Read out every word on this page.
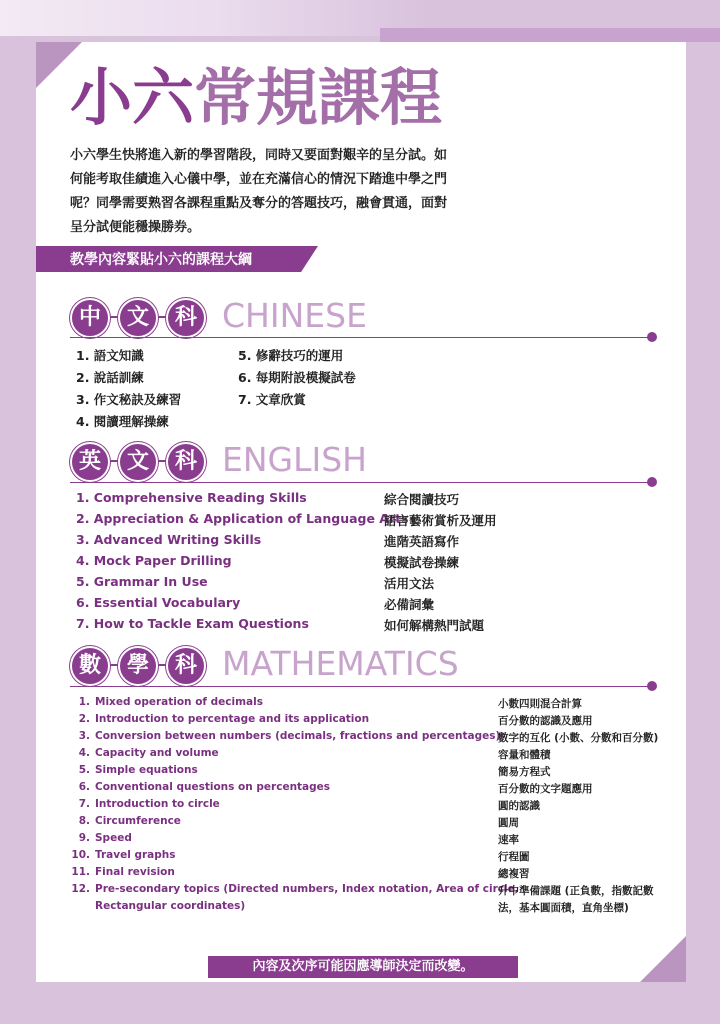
小六常規課程
小六學生快將進入新的學習階段，同時又要面對艱辛的呈分試。如何能考取佳績進入心儀中學，並在充滿信心的情況下踏進中學之門呢？同學需要熟習各課程重點及奪分的答題技巧，融會貫通，面對呈分試便能穩操勝券。
教學內容緊貼小六的課程大綱
中	文	科 CHINESE
1. 語文知識
2. 說話訓練
3. 作文秘訣及練習
4. 閱讀理解操練
5. 修辭技巧的運用
6. 每期附設模擬試卷
7. 文章欣賞
英	文	科 ENGLISH
1. Comprehensive Reading Skills	綜合閱讀技巧
2. Appreciation & Application of Language Arts
語言藝術賞析及運用
3. Advanced Writing Skills	進階英語寫作
4. Mock Paper Drilling	模擬試卷操練
5. Grammar In Use	活用文法
6. Essential Vocabulary	必備詞彙
7. How to Tackle Exam Questions	如何解構熱門試題
數	學	科 MATHEMATICS
1. Mixed operation of decimals	小數四則混合計算
2. Introduction to percentage and its application	百分數的認識及應用
3. Conversion between numbers (decimals, fractions and percentages)
數字的互化 (小數、分數和百分數)
4. Capacity and volume	容量和體積
5. Simple equations	簡易方程式
6. Conventional questions on percentages	百分數的文字題應用
7. Introduction to circle	圓的認識
8. Circumference	圓周
9. Speed	速率
10. Travel graphs	行程圖
11. Final revision	總複習
12. Pre-secondary topics (Directed numbers, Index notation, Area of circle,
Rectangular coordinates)
升中準備課題 (正負數，指數記數
法，基本圓面積，直角坐標)
內容及次序可能因應導師決定而改變。
